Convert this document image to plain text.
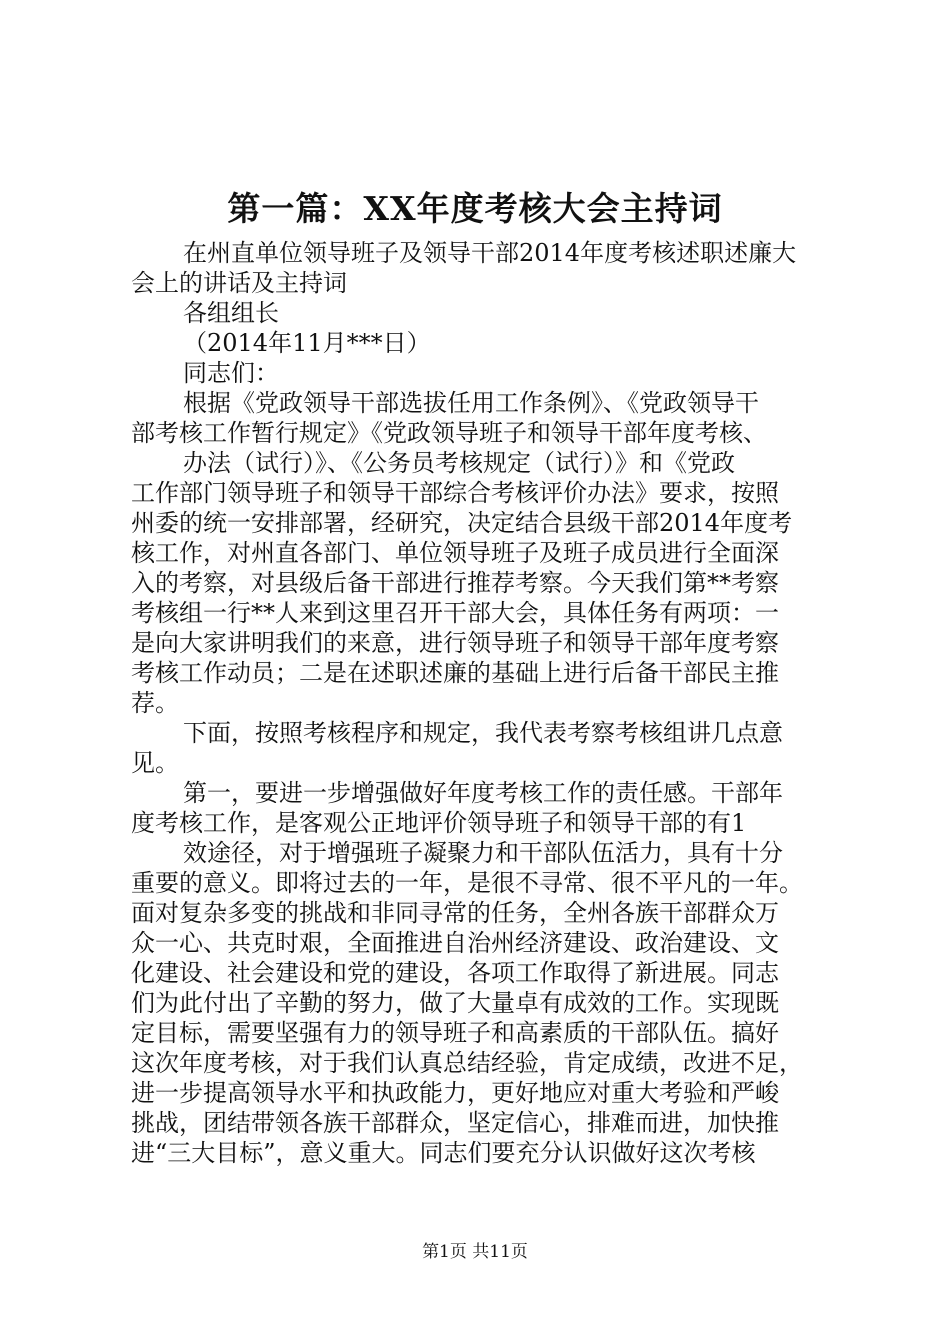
第一篇：XX年度考核大会主持词
在州直单位领导班子及领导干部2014年度考核述职述廉大
会上的讲话及主持词
各组组长
（2014年11月***日）
同志们：
根据《党政领导干部选拔任用工作条例》、《党政领导干
部考核工作暂行规定》《党政领导班子和领导干部年度考核、
办法（试行）》、《公务员考核规定（试行）》和《党政
工作部门领导班子和领导干部综合考核评价办法》要求，按照
州委的统一安排部署，经研究，决定结合县级干部2014年度考
核工作，对州直各部门、单位领导班子及班子成员进行全面深
入的考察，对县级后备干部进行推荐考察。今天我们第**考察
考核组一行**人来到这里召开干部大会，具体任务有两项：一
是向大家讲明我们的来意，进行领导班子和领导干部年度考察
考核工作动员；二是在述职述廉的基础上进行后备干部民主推
荐。
下面，按照考核程序和规定，我代表考察考核组讲几点意
见。
第一，要进一步增强做好年度考核工作的责任感。干部年
度考核工作，是客观公正地评价领导班子和领导干部的有1
效途径，对于增强班子凝聚力和干部队伍活力，具有十分
重要的意义。即将过去的一年，是很不寻常、很不平凡的一年。
面对复杂多变的挑战和非同寻常的任务，全州各族干部群众万
众一心、共克时艰，全面推进自治州经济建设、政治建设、文
化建设、社会建设和党的建设，各项工作取得了新进展。同志
们为此付出了辛勤的努力，做了大量卓有成效的工作。实现既
定目标，需要坚强有力的领导班子和高素质的干部队伍。搞好
这次年度考核，对于我们认真总结经验，肯定成绩，改进不足，
进一步提高领导水平和执政能力，更好地应对重大考验和严峻
挑战，团结带领各族干部群众，坚定信心，排难而进，加快推
进“三大目标”，意义重大。同志们要充分认识做好这次考核
第1页 共11页
